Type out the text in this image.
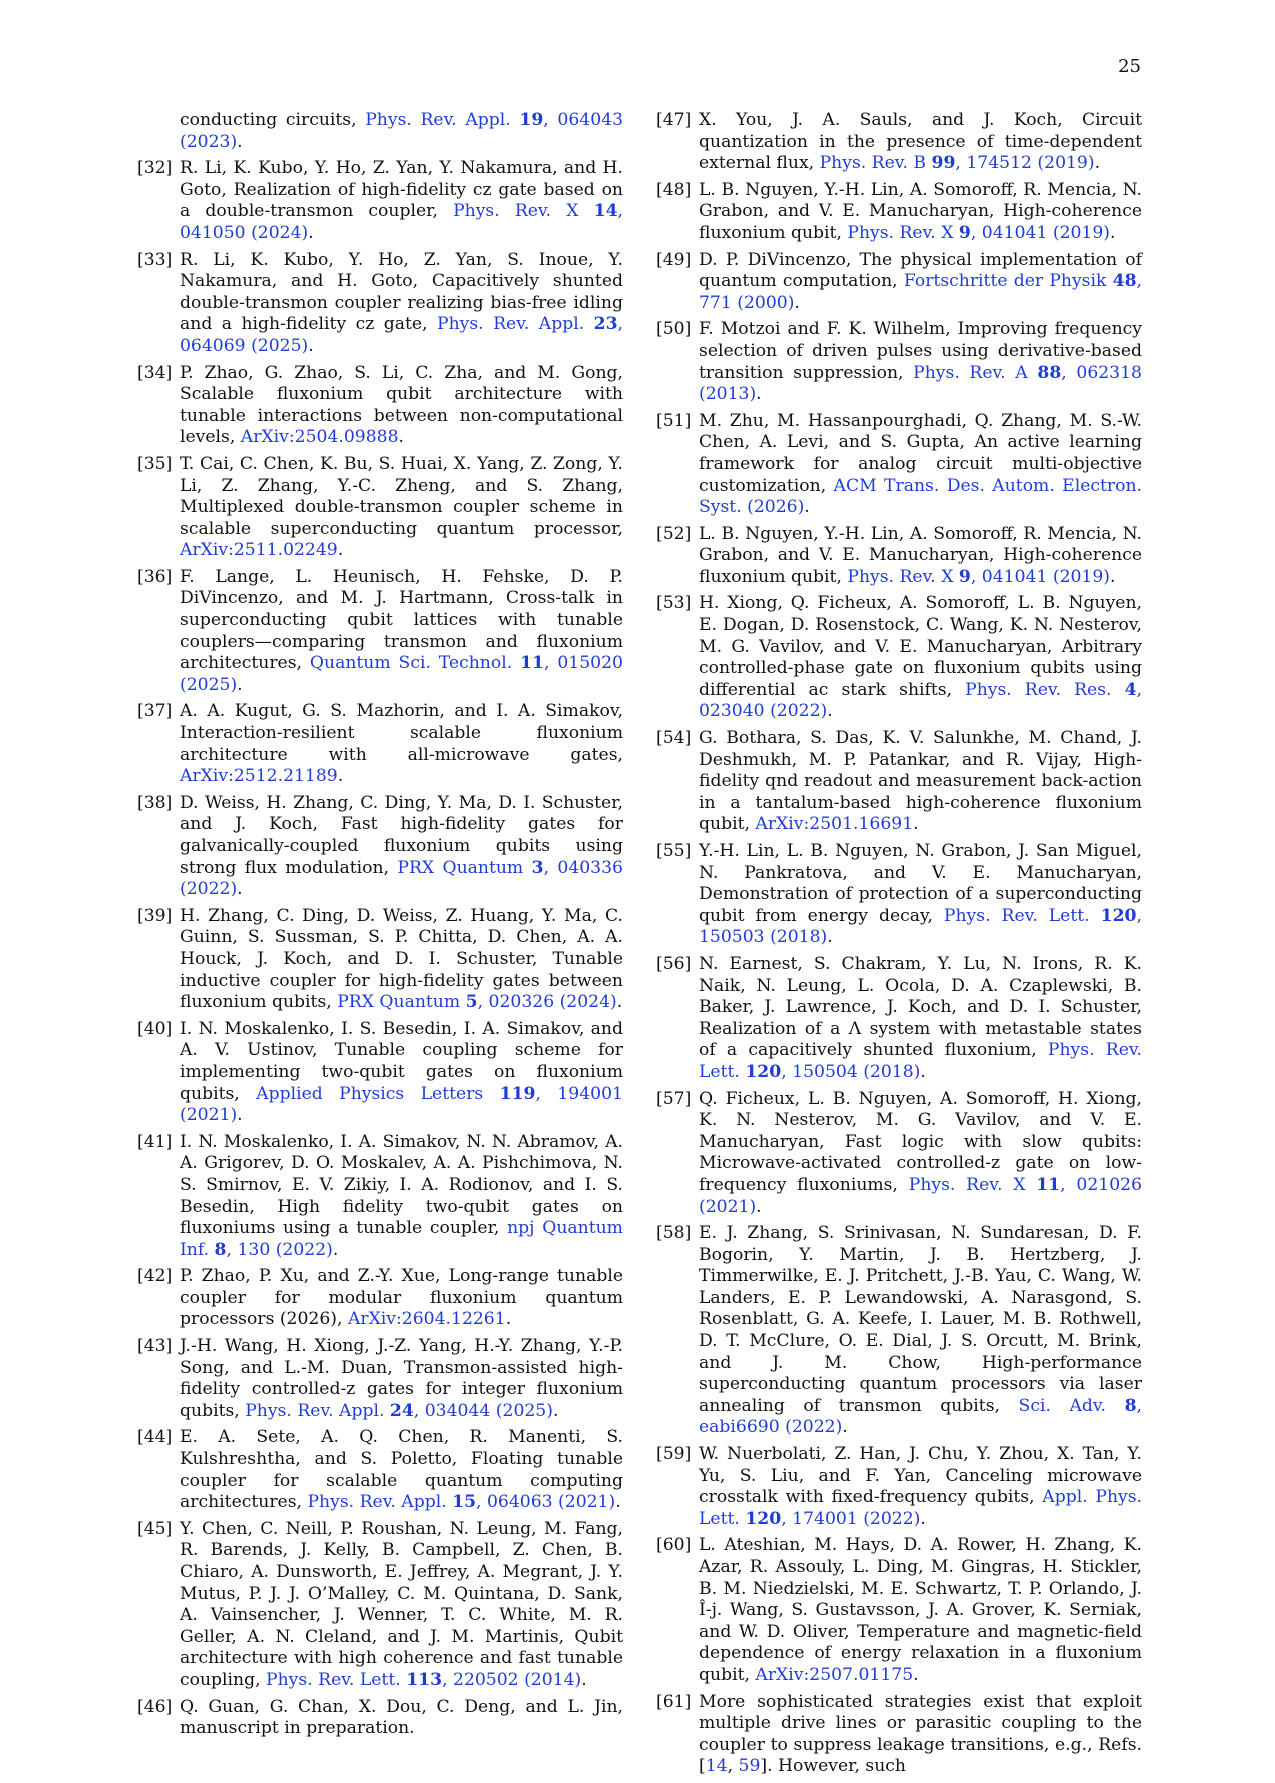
25
conducting circuits, Phys. Rev. Appl. 19, 064043 (2023).
[32] R. Li, K. Kubo, Y. Ho, Z. Yan, Y. Nakamura, and H. Goto, Realization of high-fidelity cz gate based on a double-transmon coupler, Phys. Rev. X 14, 041050 (2024).
[33] R. Li, K. Kubo, Y. Ho, Z. Yan, S. Inoue, Y. Nakamura, and H. Goto, Capacitively shunted double-transmon coupler realizing bias-free idling and a high-fidelity cz gate, Phys. Rev. Appl. 23, 064069 (2025).
[34] P. Zhao, G. Zhao, S. Li, C. Zha, and M. Gong, Scalable fluxonium qubit architecture with tunable interactions between non-computational levels, ArXiv:2504.09888.
[35] T. Cai, C. Chen, K. Bu, S. Huai, X. Yang, Z. Zong, Y. Li, Z. Zhang, Y.-C. Zheng, and S. Zhang, Multiplexed double-transmon coupler scheme in scalable superconducting quantum processor, ArXiv:2511.02249.
[36] F. Lange, L. Heunisch, H. Fehske, D. P. DiVincenzo, and M. J. Hartmann, Cross-talk in superconducting qubit lattices with tunable couplers—comparing transmon and fluxonium architectures, Quantum Sci. Technol. 11, 015020 (2025).
[37] A. A. Kugut, G. S. Mazhorin, and I. A. Simakov, Interaction-resilient scalable fluxonium architecture with all-microwave gates, ArXiv:2512.21189.
[38] D. Weiss, H. Zhang, C. Ding, Y. Ma, D. I. Schuster, and J. Koch, Fast high-fidelity gates for galvanically-coupled fluxonium qubits using strong flux modulation, PRX Quantum 3, 040336 (2022).
[39] H. Zhang, C. Ding, D. Weiss, Z. Huang, Y. Ma, C. Guinn, S. Sussman, S. P. Chitta, D. Chen, A. A. Houck, J. Koch, and D. I. Schuster, Tunable inductive coupler for high-fidelity gates between fluxonium qubits, PRX Quantum 5, 020326 (2024).
[40] I. N. Moskalenko, I. S. Besedin, I. A. Simakov, and A. V. Ustinov, Tunable coupling scheme for implementing two-qubit gates on fluxonium qubits, Applied Physics Letters 119, 194001 (2021).
[41] I. N. Moskalenko, I. A. Simakov, N. N. Abramov, A. A. Grigorev, D. O. Moskalev, A. A. Pishchimova, N. S. Smirnov, E. V. Zikiy, I. A. Rodionov, and I. S. Besedin, High fidelity two-qubit gates on fluxoniums using a tunable coupler, npj Quantum Inf. 8, 130 (2022).
[42] P. Zhao, P. Xu, and Z.-Y. Xue, Long-range tunable coupler for modular fluxonium quantum processors (2026), ArXiv:2604.12261.
[43] J.-H. Wang, H. Xiong, J.-Z. Yang, H.-Y. Zhang, Y.-P. Song, and L.-M. Duan, Transmon-assisted high-fidelity controlled-z gates for integer fluxonium qubits, Phys. Rev. Appl. 24, 034044 (2025).
[44] E. A. Sete, A. Q. Chen, R. Manenti, S. Kulshreshtha, and S. Poletto, Floating tunable coupler for scalable quantum computing architectures, Phys. Rev. Appl. 15, 064063 (2021).
[45] Y. Chen, C. Neill, P. Roushan, N. Leung, M. Fang, R. Barends, J. Kelly, B. Campbell, Z. Chen, B. Chiaro, A. Dunsworth, E. Jeffrey, A. Megrant, J. Y. Mutus, P. J. J. O’Malley, C. M. Quintana, D. Sank, A. Vainsencher, J. Wenner, T. C. White, M. R. Geller, A. N. Cleland, and J. M. Martinis, Qubit architecture with high coherence and fast tunable coupling, Phys. Rev. Lett. 113, 220502 (2014).
[46] Q. Guan, G. Chan, X. Dou, C. Deng, and L. Jin, manuscript in preparation.
[47] X. You, J. A. Sauls, and J. Koch, Circuit quantization in the presence of time-dependent external flux, Phys. Rev. B 99, 174512 (2019).
[48] L. B. Nguyen, Y.-H. Lin, A. Somoroff, R. Mencia, N. Grabon, and V. E. Manucharyan, High-coherence fluxonium qubit, Phys. Rev. X 9, 041041 (2019).
[49] D. P. DiVincenzo, The physical implementation of quantum computation, Fortschritte der Physik 48, 771 (2000).
[50] F. Motzoi and F. K. Wilhelm, Improving frequency selection of driven pulses using derivative-based transition suppression, Phys. Rev. A 88, 062318 (2013).
[51] M. Zhu, M. Hassanpourghadi, Q. Zhang, M. S.-W. Chen, A. Levi, and S. Gupta, An active learning framework for analog circuit multi-objective customization, ACM Trans. Des. Autom. Electron. Syst. (2026).
[52] L. B. Nguyen, Y.-H. Lin, A. Somoroff, R. Mencia, N. Grabon, and V. E. Manucharyan, High-coherence fluxonium qubit, Phys. Rev. X 9, 041041 (2019).
[53] H. Xiong, Q. Ficheux, A. Somoroff, L. B. Nguyen, E. Dogan, D. Rosenstock, C. Wang, K. N. Nesterov, M. G. Vavilov, and V. E. Manucharyan, Arbitrary controlled-phase gate on fluxonium qubits using differential ac stark shifts, Phys. Rev. Res. 4, 023040 (2022).
[54] G. Bothara, S. Das, K. V. Salunkhe, M. Chand, J. Deshmukh, M. P. Patankar, and R. Vijay, High-fidelity qnd readout and measurement back-action in a tantalum-based high-coherence fluxonium qubit, ArXiv:2501.16691.
[55] Y.-H. Lin, L. B. Nguyen, N. Grabon, J. San Miguel, N. Pankratova, and V. E. Manucharyan, Demonstration of protection of a superconducting qubit from energy decay, Phys. Rev. Lett. 120, 150503 (2018).
[56] N. Earnest, S. Chakram, Y. Lu, N. Irons, R. K. Naik, N. Leung, L. Ocola, D. A. Czaplewski, B. Baker, J. Lawrence, J. Koch, and D. I. Schuster, Realization of a Λ system with metastable states of a capacitively shunted fluxonium, Phys. Rev. Lett. 120, 150504 (2018).
[57] Q. Ficheux, L. B. Nguyen, A. Somoroff, H. Xiong, K. N. Nesterov, M. G. Vavilov, and V. E. Manucharyan, Fast logic with slow qubits: Microwave-activated controlled-z gate on low-frequency fluxoniums, Phys. Rev. X 11, 021026 (2021).
[58] E. J. Zhang, S. Srinivasan, N. Sundaresan, D. F. Bogorin, Y. Martin, J. B. Hertzberg, J. Timmerwilke, E. J. Pritchett, J.-B. Yau, C. Wang, W. Landers, E. P. Lewandowski, A. Narasgond, S. Rosenblatt, G. A. Keefe, I. Lauer, M. B. Rothwell, D. T. McClure, O. E. Dial, J. S. Orcutt, M. Brink, and J. M. Chow, High-performance superconducting quantum processors via laser annealing of transmon qubits, Sci. Adv. 8, eabi6690 (2022).
[59] W. Nuerbolati, Z. Han, J. Chu, Y. Zhou, X. Tan, Y. Yu, S. Liu, and F. Yan, Canceling microwave crosstalk with fixed-frequency qubits, Appl. Phys. Lett. 120, 174001 (2022).
[60] L. Ateshian, M. Hays, D. A. Rower, H. Zhang, K. Azar, R. Assouly, L. Ding, M. Gingras, H. Stickler, B. M. Niedzielski, M. E. Schwartz, T. P. Orlando, J. Î-j. Wang, S. Gustavsson, J. A. Grover, K. Serniak, and W. D. Oliver, Temperature and magnetic-field dependence of energy relaxation in a fluxonium qubit, ArXiv:2507.01175.
[61] More sophisticated strategies exist that exploit multiple drive lines or parasitic coupling to the coupler to suppress leakage transitions, e.g., Refs. [14, 59]. However, such
